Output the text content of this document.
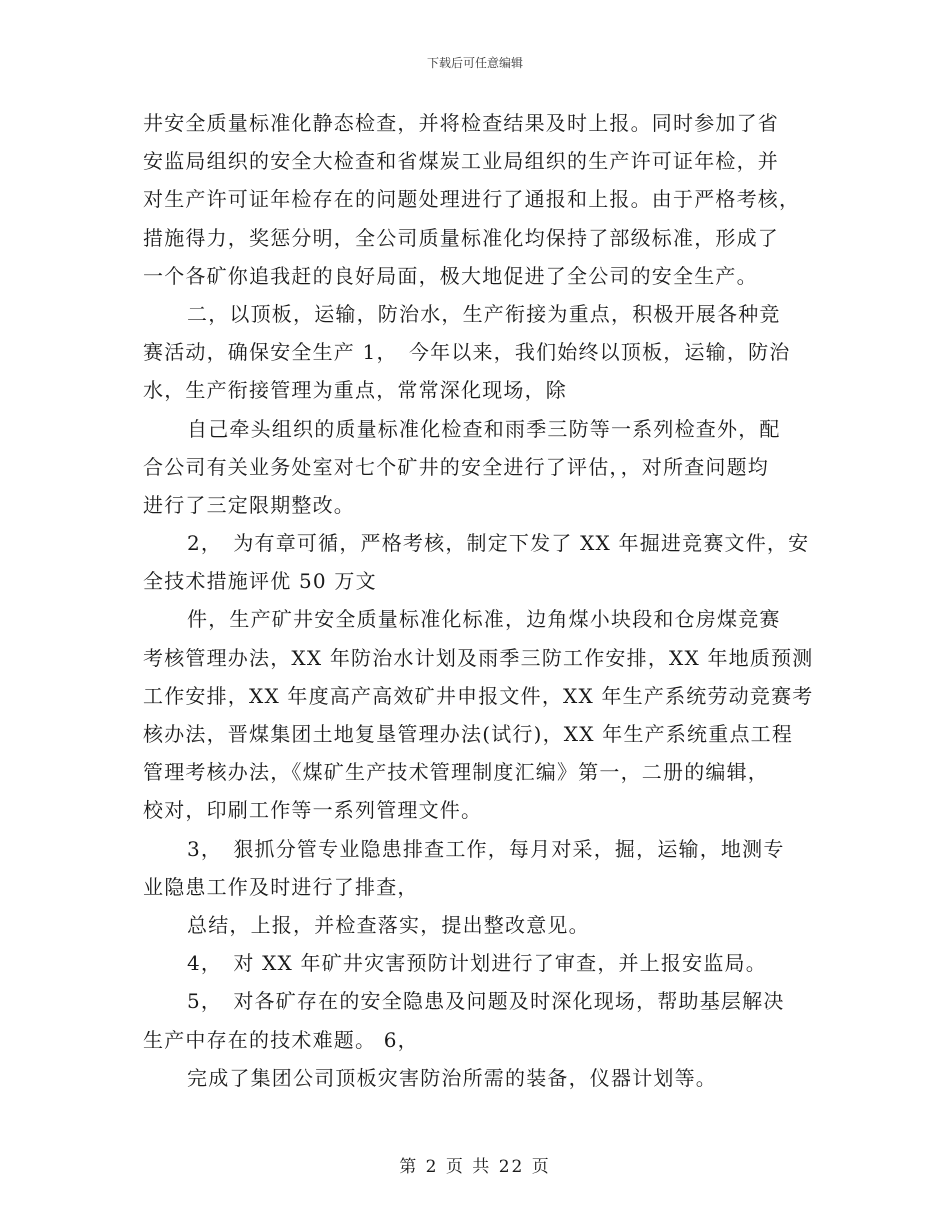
下载后可任意编辑
井安全质量标准化静态检查，并将检查结果及时上报。同时参加了省
安监局组织的安全大检查和省煤炭工业局组织的生产许可证年检，并
对生产许可证年检存在的问题处理进行了通报和上报。由于严格考核，
措施得力，奖惩分明，全公司质量标准化均保持了部级标准，形成了
一个各矿你追我赶的良好局面，极大地促进了全公司的安全生产。
二，以顶板，运输，防治水，生产衔接为重点，积极开展各种竞
赛活动，确保安全生产 1，　今年以来，我们始终以顶板，运输，防治
水，生产衔接管理为重点，常常深化现场，除
自己牵头组织的质量标准化检查和雨季三防等一系列检查外，配
合公司有关业务处室对七个矿井的安全进行了评估，，对所查问题均
进行了三定限期整改。
2，　为有章可循，严格考核，制定下发了 XX 年掘进竞赛文件，安
全技术措施评优 50 万文
件，生产矿井安全质量标准化标准，边角煤小块段和仓房煤竞赛
考核管理办法，XX 年防治水计划及雨季三防工作安排，XX 年地质预测
工作安排，XX 年度高产高效矿井申报文件，XX 年生产系统劳动竞赛考
核办法，晋煤集团土地复垦管理办法(试行)，XX 年生产系统重点工程
管理考核办法，《煤矿生产技术管理制度汇编》第一，二册的编辑，
校对，印刷工作等一系列管理文件。
3，　狠抓分管专业隐患排查工作，每月对采，掘，运输，地测专
业隐患工作及时进行了排查，
总结，上报，并检查落实，提出整改意见。
4，　对 XX 年矿井灾害预防计划进行了审查，并上报安监局。
5，　对各矿存在的安全隐患及问题及时深化现场，帮助基层解决
生产中存在的技术难题。 6，
完成了集团公司顶板灾害防治所需的装备，仪器计划等。
第 2 页 共 22 页
